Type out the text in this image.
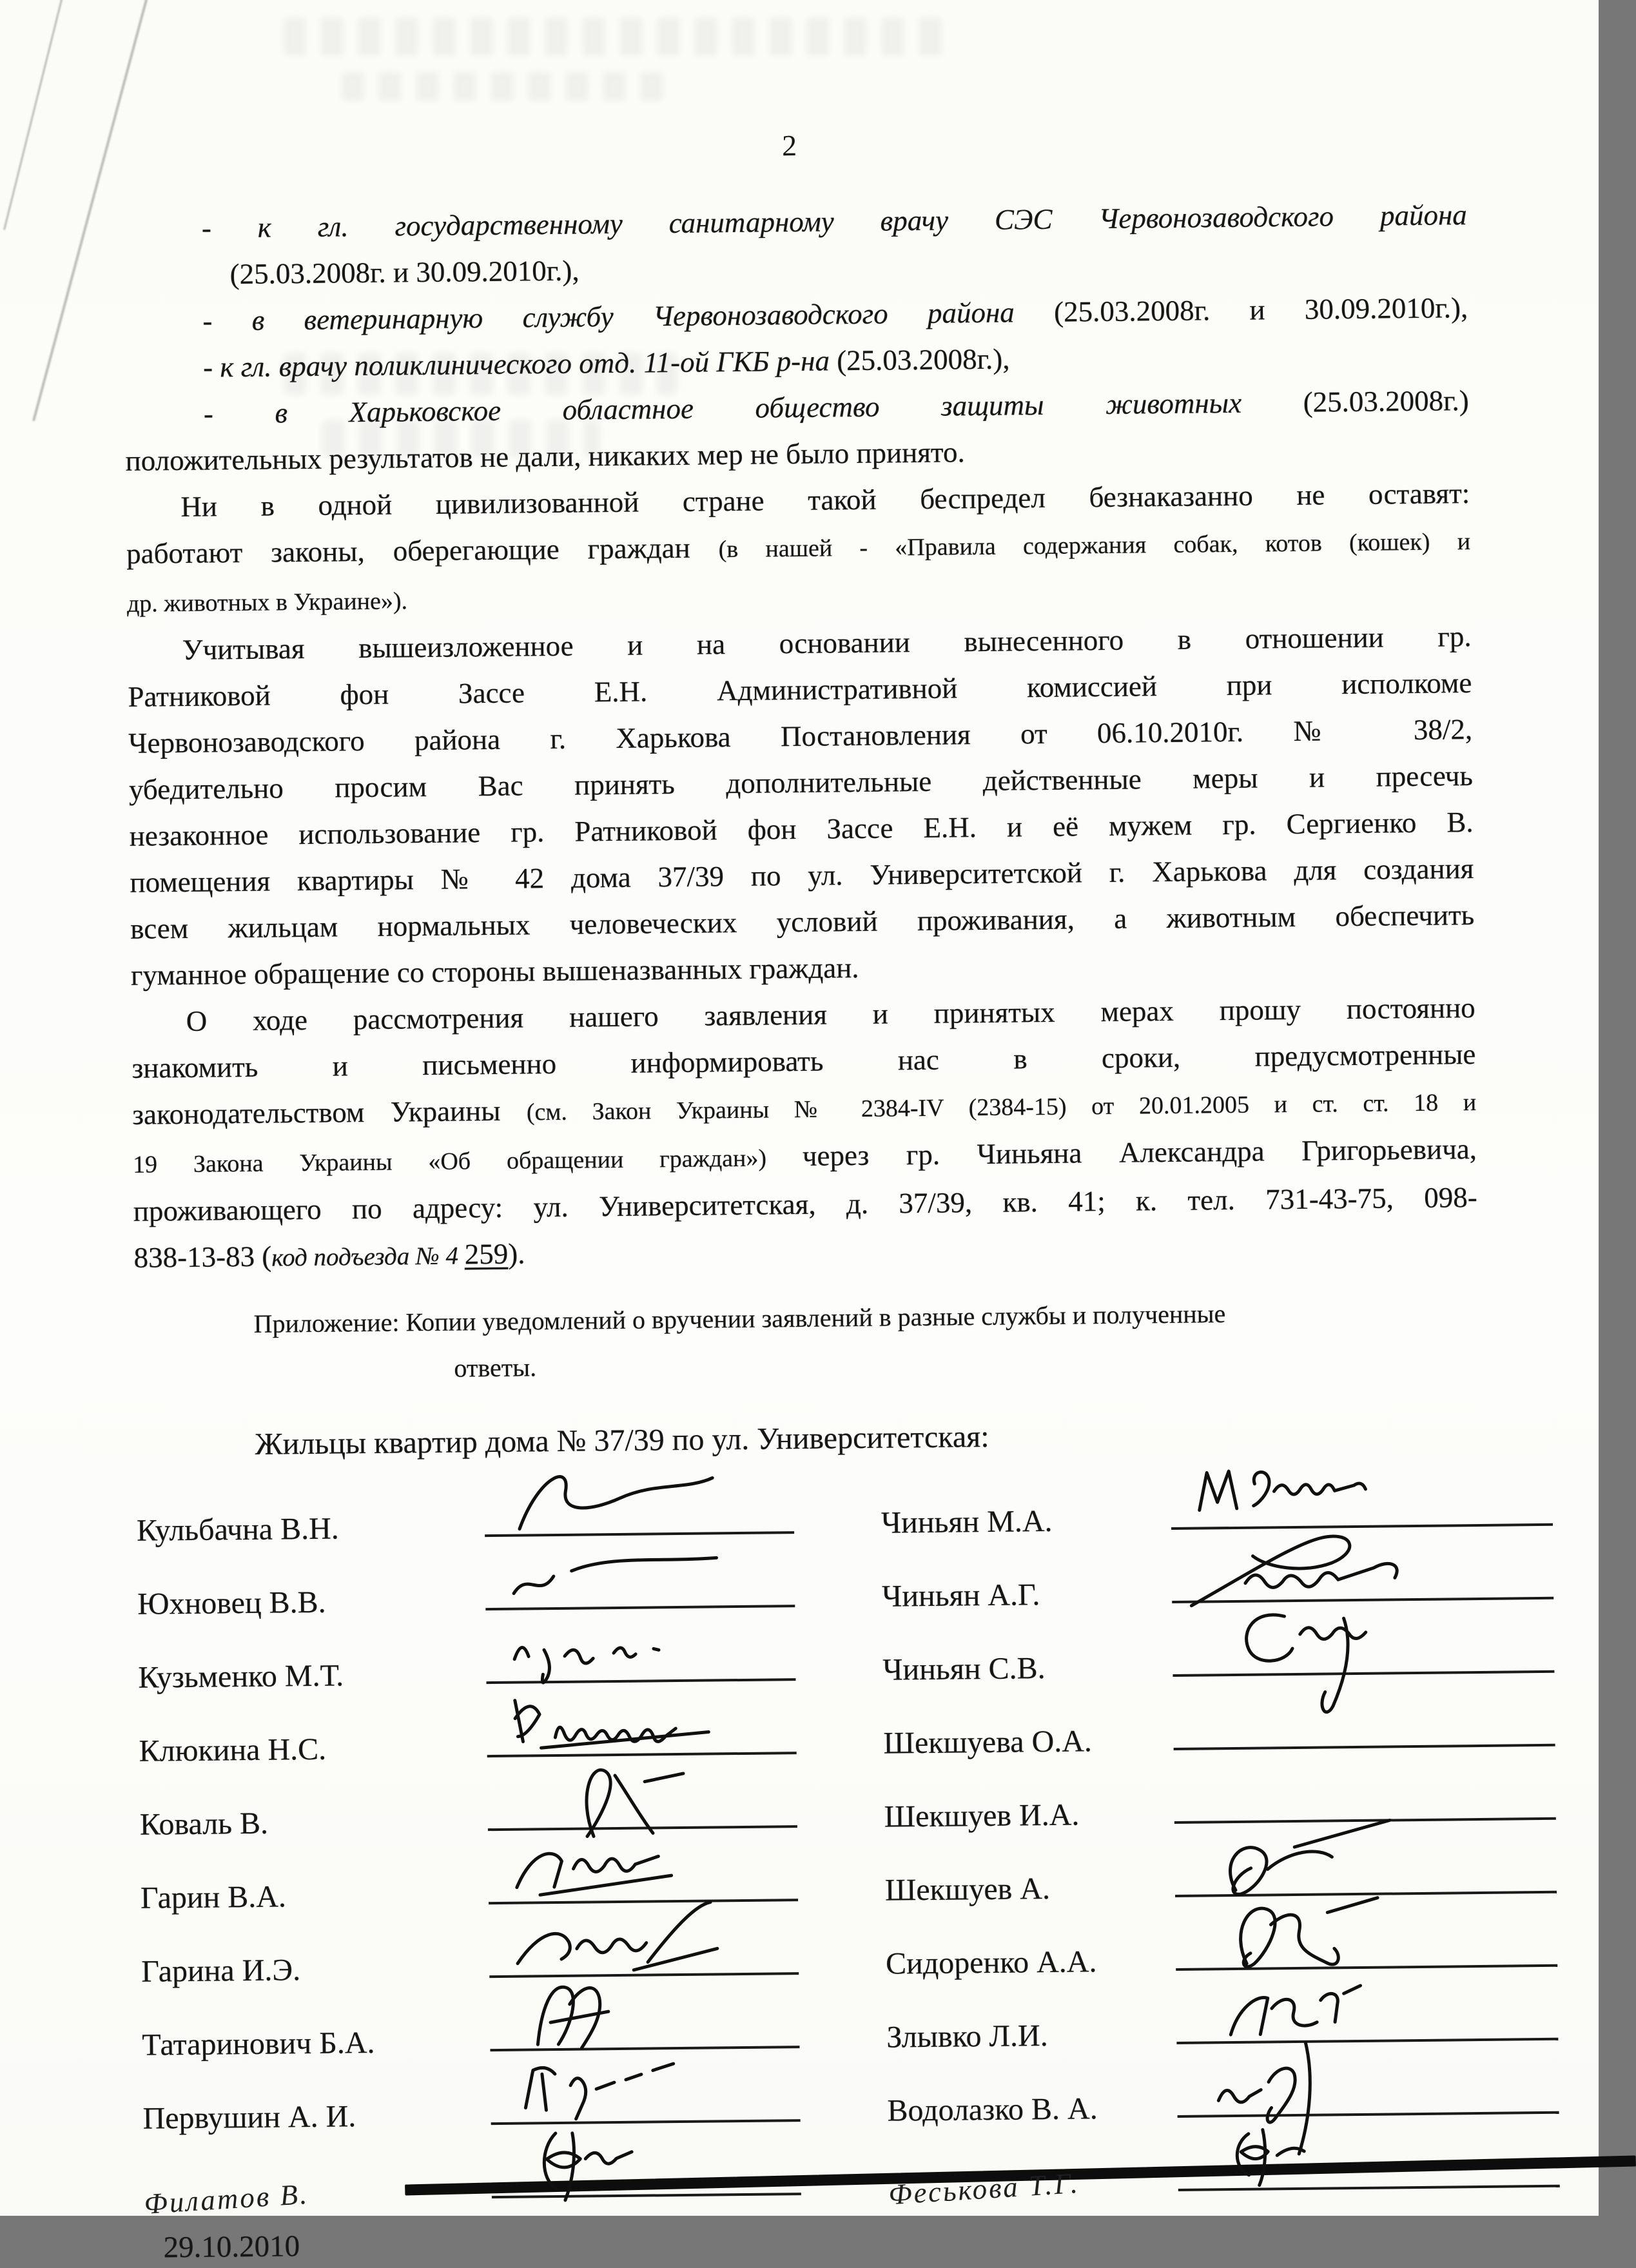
2
- к гл. государственному санитарному врачу СЭС Червонозаводского района
(25.03.2008г. и 30.09.2010г.),
- в ветеринарную службу Червонозаводского района (25.03.2008г. и 30.09.2010г.),
- к гл. врачу поликлинического отд. 11-ой ГКБ р-на (25.03.2008г.),
- в Харьковское областное общество защиты животных (25.03.2008г.)
положительных результатов не дали, никаких мер не было принято.
Ни в одной цивилизованной стране такой беспредел безнаказанно не оставят:
работают законы, оберегающие граждан (в нашей - «Правила содержания собак, котов (кошек) и
др. животных в Украине»).
Учитывая вышеизложенное и на основании вынесенного в отношении гр.
Ратниковой фон Зассе Е.Н. Административной комиссией при исполкоме
Червонозаводского района г. Харькова Постановления от 06.10.2010г. № 38/2,
убедительно просим Вас принять дополнительные действенные меры и пресечь
незаконное использование гр. Ратниковой фон Зассе Е.Н. и её мужем гр. Сергиенко В.
помещения квартиры № 42 дома 37/39 по ул. Университетской г. Харькова для создания
всем жильцам нормальных человеческих условий проживания, а животным обеспечить
гуманное обращение со стороны вышеназванных граждан.
О ходе рассмотрения нашего заявления и принятых мерах прошу постоянно
знакомить и письменно информировать нас в сроки, предусмотренные
законодательством Украины (см. Закон Украины № 2384-IV (2384-15) от 20.01.2005 и ст. ст. 18 и
19 Закона Украины «Об обращении граждан») через гр. Чиньяна Александра Григорьевича,
проживающего по адресу: ул. Университетская, д. 37/39, кв. 41; к. тел. 731-43-75, 098-
838-13-83 (код подъезда № 4 259).
Приложение: Копии уведомлений о вручении заявлений в разные службы и полученные
ответы.
Жильцы квартир дома № 37/39 по ул. Университетская:
Кульбачна В.Н.
Юхновец В.В.
Кузьменко М.Т.
Клюкина Н.С.
Коваль В.
Гарин В.А.
Гарина И.Э.
Татаринович Б.А.
Первушин А. И.
Филатов В.
Чиньян М.А.
Чиньян А.Г.
Чиньян С.В.
Шекшуева О.А.
Шекшуев И.А.
Шекшуев А.
Сидоренко А.А.
Злывко Л.И.
Водолазко В. А.
Феськова Т.Г.
29.10.2010
